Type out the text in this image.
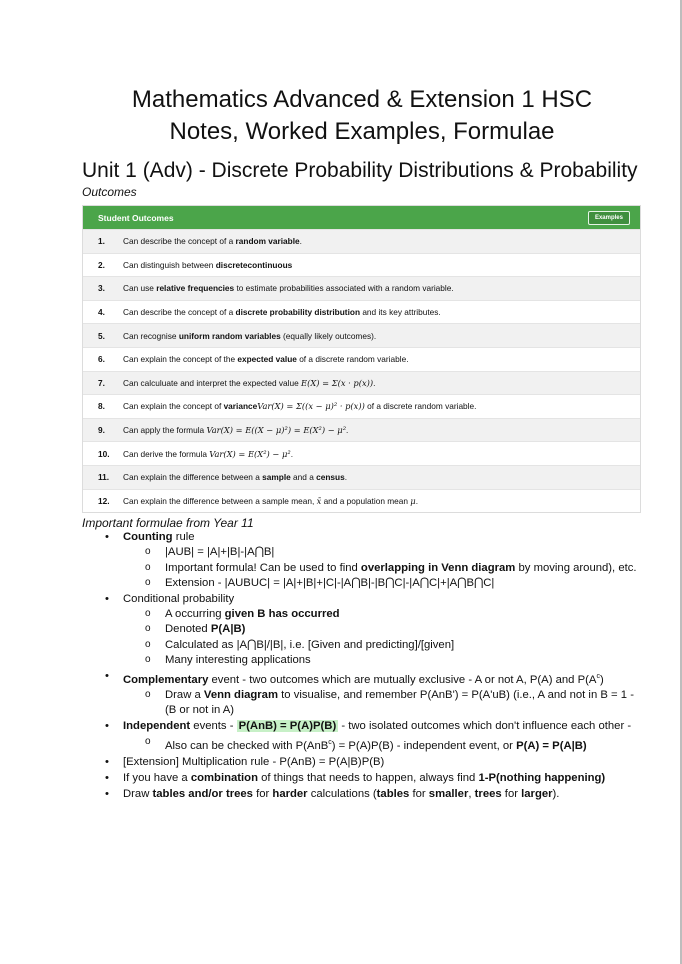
Mathematics Advanced & Extension 1 HSC
Notes, Worked Examples, Formulae
Unit 1 (Adv) - Discrete Probability Distributions & Probability
Outcomes
Student Outcomes	Examples
1.	Can describe the concept of a random variable.
2.	Can distinguish between discretecontinuous
3.	Can use relative frequencies to estimate probabilities associated with a random variable.
4.	Can describe the concept of a discrete probability distribution and its key attributes.
5.	Can recognise uniform random variables (equally likely outcomes).
6.	Can explain the concept of the expected value of a discrete random variable.
7.	Can calculuate and interpret the expected value E(X) = Σ(x · p(x)).
8.	Can explain the concept of varianceVar(X) = Σ((x − μ)² · p(x)) of a discrete random variable.
9.	Can apply the formula Var(X) = E((X − μ)²) = E(X²) − μ².
10.	Can derive the formula Var(X) = E(X²) − μ².
11.	Can explain the difference between a sample and a census.
12.	Can explain the difference between a sample mean, x̄ and a population mean μ.
Important formulae from Year 11
• Counting rule
o |AUB| = |A|+|B|-|A⋂B|
o Important formula! Can be used to find overlapping in Venn diagram by moving around), etc.
o Extension - |AUBUC| = |A|+|B|+|C|-|A⋂B|-|B⋂C|-|A⋂C|+|A⋂B⋂C|
• Conditional probability
o A occurring given B has occurred
o Denoted P(A|B)
o Calculated as |A⋂B|/|B|, i.e. [Given and predicting]/[given]
o Many interesting applications
• Complementary event - two outcomes which are mutually exclusive - A or not A, P(A) and $P(A^c)$
o Draw a Venn diagram to visualise, and remember P(AnB') = P(A'uB) (i.e., A and not in B = 1 - (B or not in A)
• Independent events - P(AnB) = P(A)P(B) - two isolated outcomes which don't influence each other -
o Also can be checked with P(AnB$^c$) = P(A)P(B) - independent event, or P(A) = P(A|B)
• [Extension] Multiplication rule - P(AnB) = P(A|B)P(B)
• If you have a combination of things that needs to happen, always find 1-P(nothing happening)
• Draw tables and/or trees for harder calculations (tables for smaller, trees for larger).
